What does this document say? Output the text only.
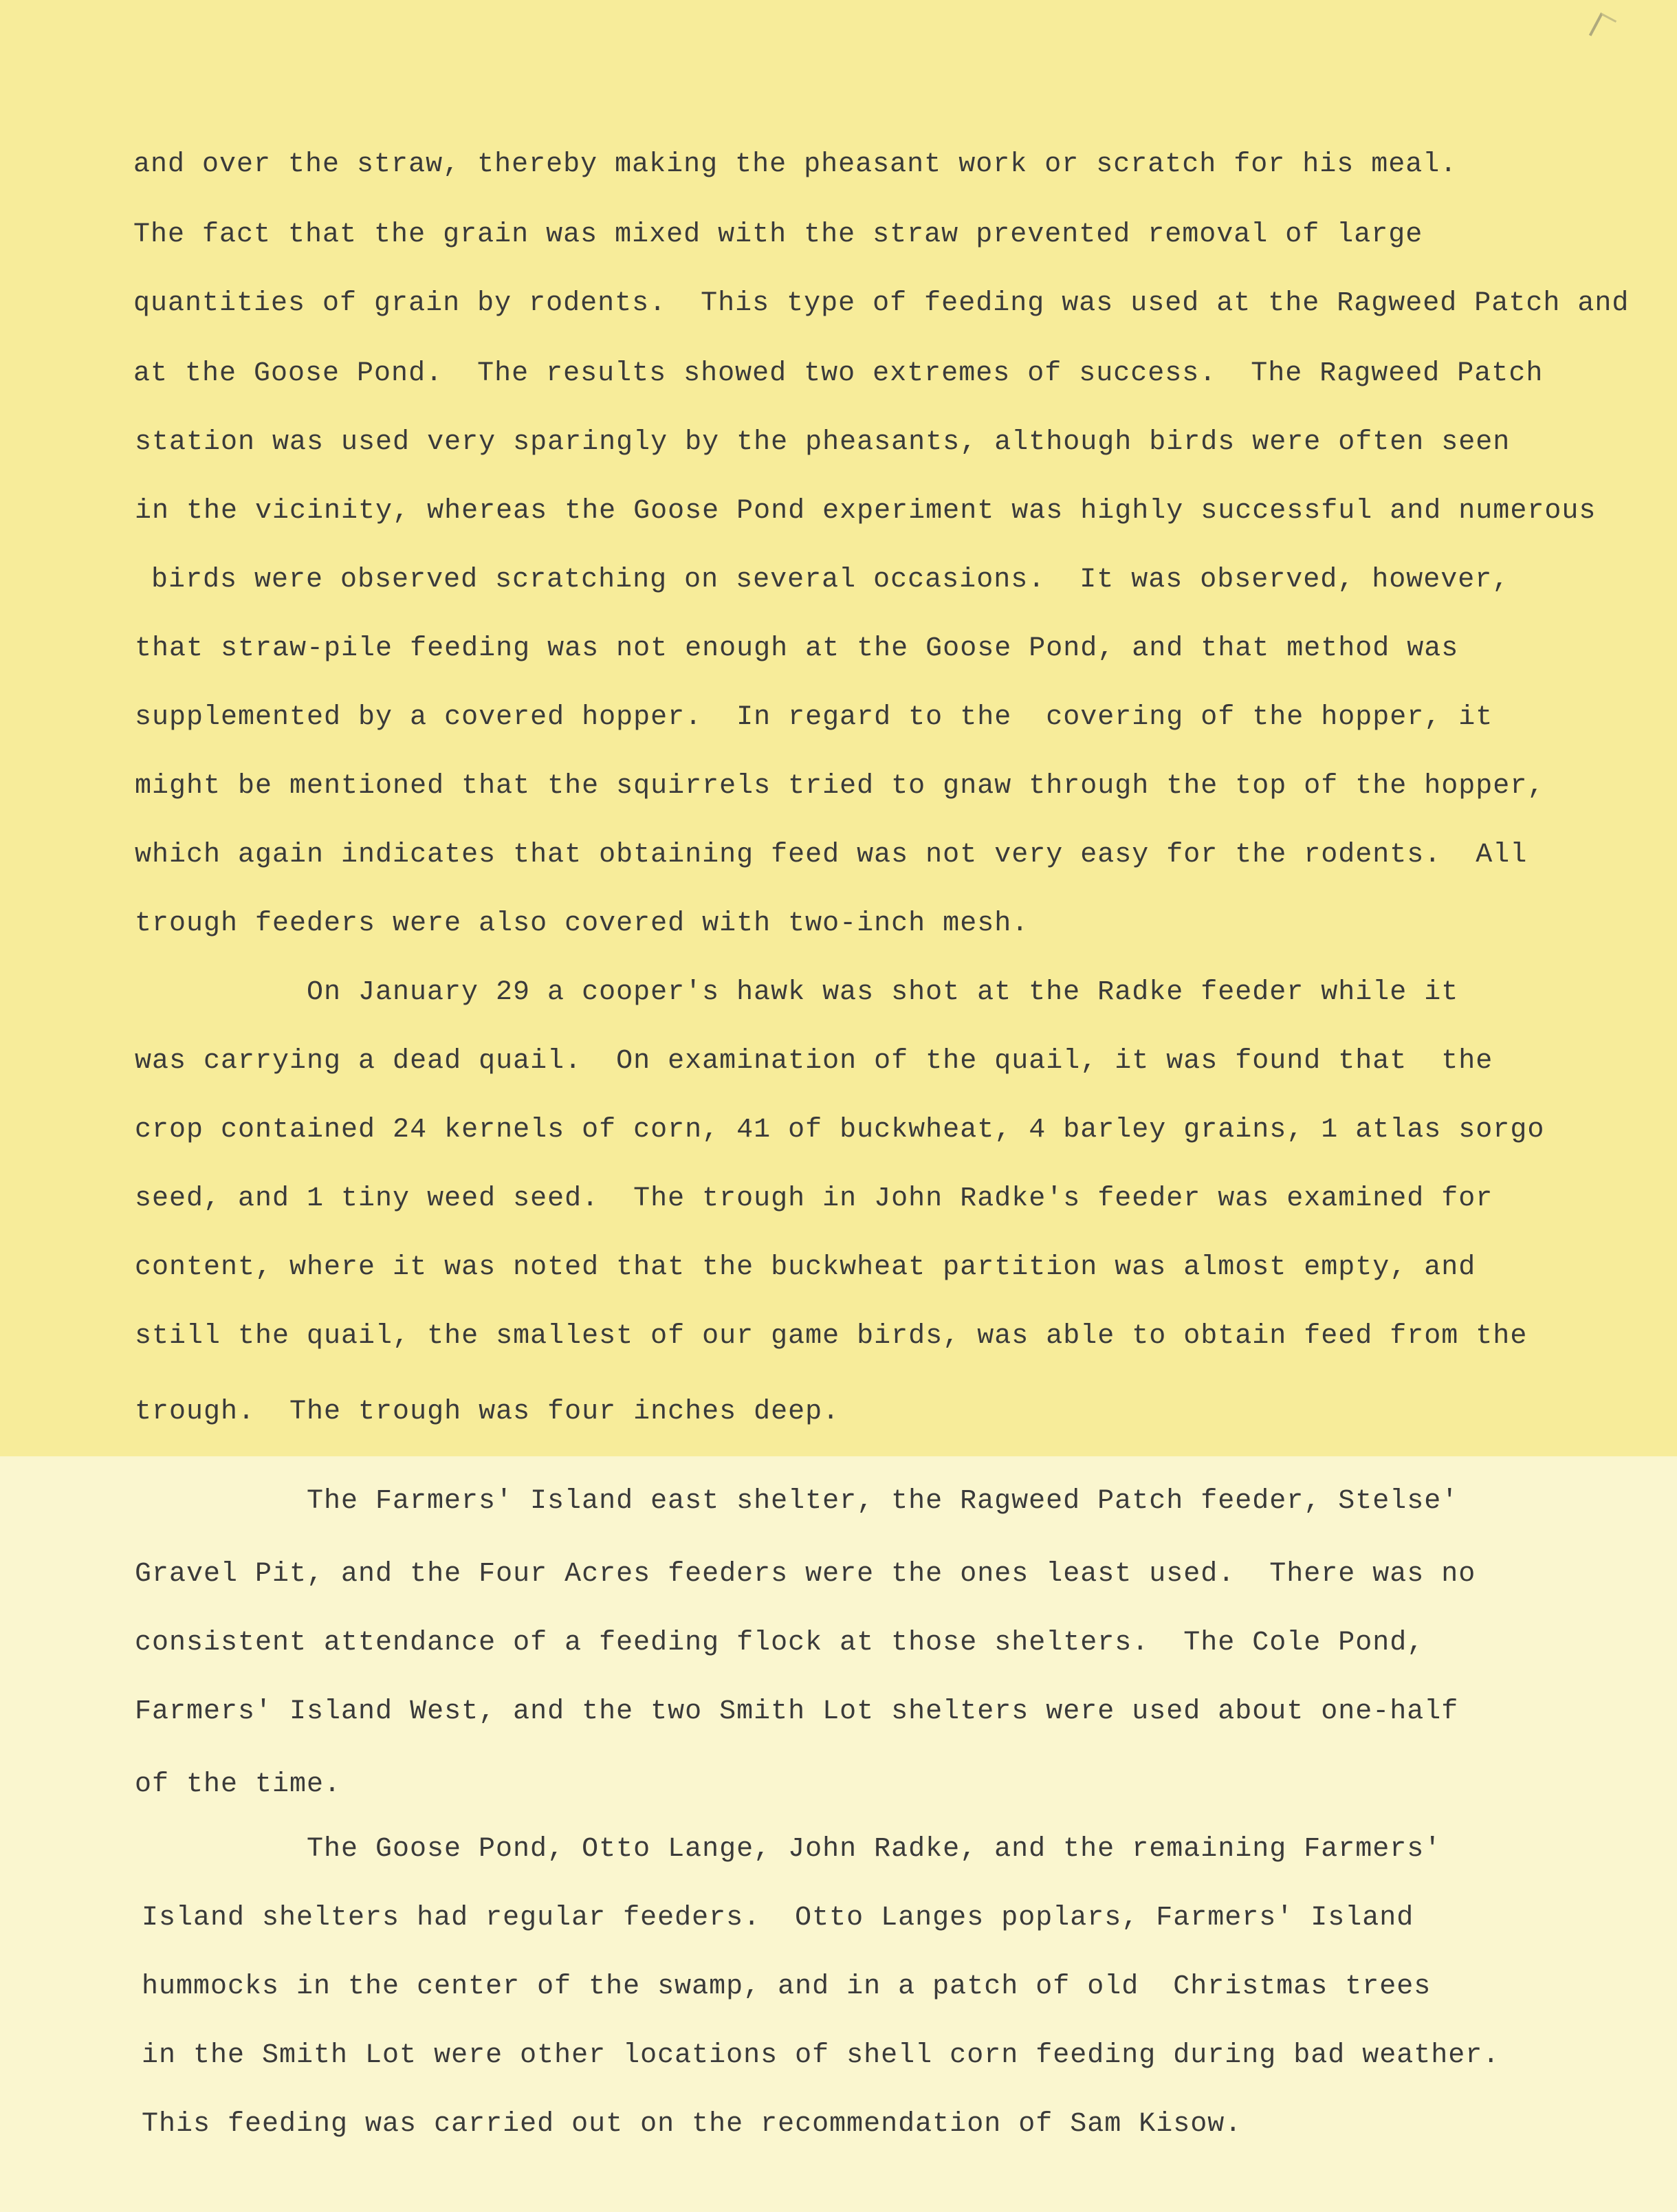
and over the straw, thereby making the pheasant work or scratch for his meal.

The fact that the grain was mixed with the straw prevented removal of large

quantities of grain by rodents.  This type of feeding was used at the Ragweed Patch and

at the Goose Pond.  The results showed two extremes of success.  The Ragweed Patch

station was used very sparingly by the pheasants, although birds were often seen

in the vicinity, whereas the Goose Pond experiment was highly successful and numerous

birds were observed scratching on several occasions.  It was observed, however,

that straw-pile feeding was not enough at the Goose Pond, and that method was

supplemented by a covered hopper.  In regard to the  covering of the hopper, it

might be mentioned that the squirrels tried to gnaw through the top of the hopper,

which again indicates that obtaining feed was not very easy for the rodents.  All

trough feeders were also covered with two-inch mesh.

On January 29 a cooper's hawk was shot at the Radke feeder while it

was carrying a dead quail.  On examination of the quail, it was found that  the

crop contained 24 kernels of corn, 41 of buckwheat, 4 barley grains, 1 atlas sorgo

seed, and 1 tiny weed seed.  The trough in John Radke's feeder was examined for

content, where it was noted that the buckwheat partition was almost empty, and

still the quail, the smallest of our game birds, was able to obtain feed from the

trough.  The trough was four inches deep.

The Farmers' Island east shelter, the Ragweed Patch feeder, Stelse'

Gravel Pit, and the Four Acres feeders were the ones least used.  There was no

consistent attendance of a feeding flock at those shelters.  The Cole Pond,

Farmers' Island West, and the two Smith Lot shelters were used about one-half

of the time.

The Goose Pond, Otto Lange, John Radke, and the remaining Farmers'

Island shelters had regular feeders.  Otto Langes poplars, Farmers' Island

hummocks in the center of the swamp, and in a patch of old  Christmas trees

in the Smith Lot were other locations of shell corn feeding during bad weather.

This feeding was carried out on the recommendation of Sam Kisow.
